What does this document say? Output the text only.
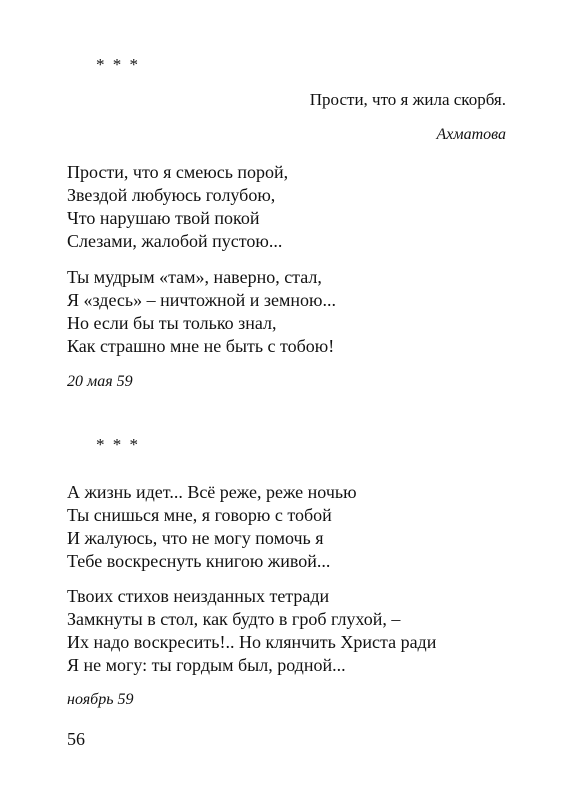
* * *
Прости, что я жила скорбя.
Ахматова
Прости, что я смеюсь порой,
Звездой любуюсь голубою,
Что нарушаю твой покой
Слезами, жалобой пустою...
Ты мудрым «там», наверно, стал,
Я «здесь» – ничтожной и земною...
Но если бы ты только знал,
Как страшно мне не быть с тобою!
20 мая 59
* * *
А жизнь идет... Всё реже, реже ночью
Ты снишься мне, я говорю с тобой
И жалуюсь, что не могу помочь я
Тебе воскреснуть книгою живой...
Твоих стихов неизданных тетради
Замкнуты в стол, как будто в гроб глухой, –
Их надо воскресить!.. Но клянчить Христа ради
Я не могу: ты гордым был, родной...
ноябрь 59
56
